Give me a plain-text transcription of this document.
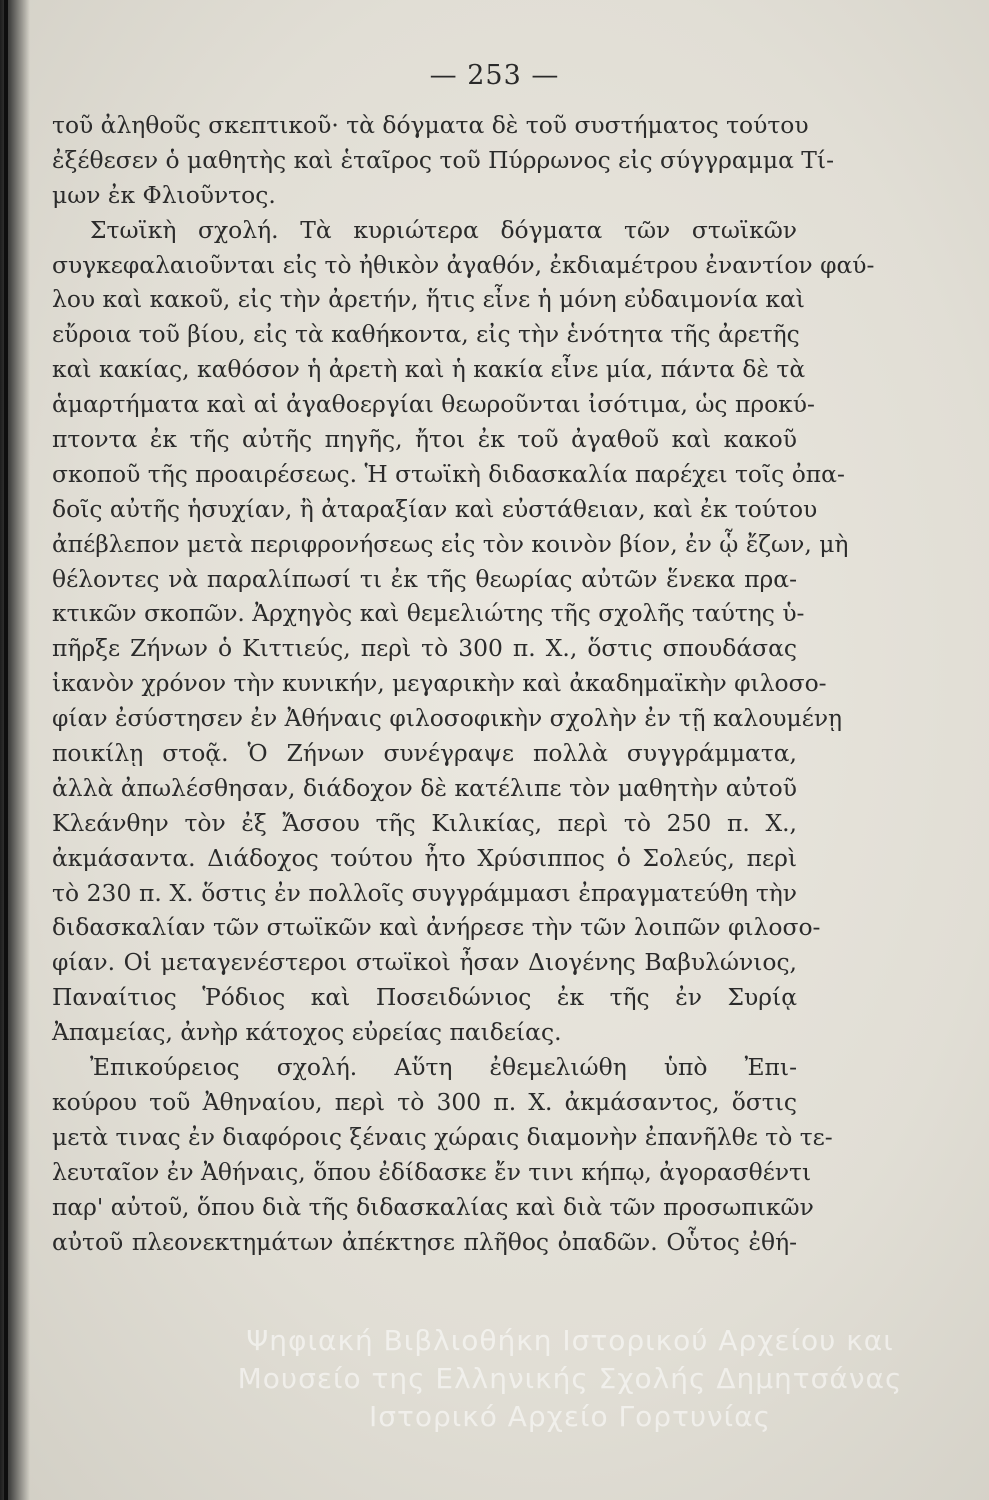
— 253 —
τοῦ ἀληθοῦς σκεπτικοῦ· τὰ δόγματα δὲ τοῦ συστήματος τούτου
ἐξέθεσεν ὁ μαθητὴς καὶ ἑταῖρος τοῦ Πύρρωνος εἰς σύγγραμμα Τί-
μων ἐκ Φλιοῦντος.
Στωϊκὴ σχολή. Τὰ κυριώτερα δόγματα τῶν στωϊκῶν
συγκεφαλαιοῦνται εἰς τὸ ἠθικὸν ἀγαθόν, ἐκδιαμέτρου ἐναντίον φαύ-
λου καὶ κακοῦ, εἰς τὴν ἀρετήν, ἥτις εἶνε ἡ μόνη εὐδαιμονία καὶ
εὔροια τοῦ βίου, εἰς τὰ καθήκοντα, εἰς τὴν ἑνότητα τῆς ἀρετῆς
καὶ κακίας, καθόσον ἡ ἀρετὴ καὶ ἡ κακία εἶνε μία, πάντα δὲ τὰ
ἁμαρτήματα καὶ αἱ ἀγαθοεργίαι θεωροῦνται ἰσότιμα, ὡς προκύ-
πτοντα ἐκ τῆς αὐτῆς πηγῆς, ἤτοι ἐκ τοῦ ἀγαθοῦ καὶ κακοῦ
σκοποῦ τῆς προαιρέσεως. Ἡ στωϊκὴ διδασκαλία παρέχει τοῖς ὀπα-
δοῖς αὐτῆς ἡσυχίαν, ἢ ἀταραξίαν καὶ εὐστάθειαν, καὶ ἐκ τούτου
ἀπέβλεπον μετὰ περιφρονήσεως εἰς τὸν κοινὸν βίον, ἐν ᾧ ἔζων, μὴ
θέλοντες νὰ παραλίπωσί τι ἐκ τῆς θεωρίας αὐτῶν ἕνεκα πρα-
κτικῶν σκοπῶν. Ἀρχηγὸς καὶ θεμελιώτης τῆς σχολῆς ταύτης ὑ-
πῆρξε Ζήνων ὁ Κιττιεύς, περὶ τὸ 300 π. Χ., ὅστις σπουδάσας
ἱκανὸν χρόνον τὴν κυνικήν, μεγαρικὴν καὶ ἀκαδημαϊκὴν φιλοσο-
φίαν ἐσύστησεν ἐν Ἀθήναις φιλοσοφικὴν σχολὴν ἐν τῇ καλουμένῃ
ποικίλῃ στοᾷ. Ὁ Ζήνων συνέγραψε πολλὰ συγγράμματα,
ἀλλὰ ἀπωλέσθησαν, διάδοχον δὲ κατέλιπε τὸν μαθητὴν αὐτοῦ
Κλεάνθην τὸν ἐξ Ἄσσου τῆς Κιλικίας, περὶ τὸ 250 π. Χ.,
ἀκμάσαντα. Διάδοχος τούτου ἦτο Χρύσιππος ὁ Σολεύς, περὶ
τὸ 230 π. Χ. ὅστις ἐν πολλοῖς συγγράμμασι ἐπραγματεύθη τὴν
διδασκαλίαν τῶν στωϊκῶν καὶ ἀνήρεσε τὴν τῶν λοιπῶν φιλοσο-
φίαν. Οἱ μεταγενέστεροι στωϊκοὶ ἦσαν Διογένης Βαβυλώνιος,
Παναίτιος Ῥόδιος καὶ Ποσειδώνιος ἐκ τῆς ἐν Συρίᾳ
Ἀπαμείας, ἀνὴρ κάτοχος εὐρείας παιδείας.
Ἐπικούρειος σχολή. Αὕτη ἐθεμελιώθη ὑπὸ Ἐπι-
κούρου τοῦ Ἀθηναίου, περὶ τὸ 300 π. Χ. ἀκμάσαντος, ὅστις
μετὰ τινας ἐν διαφόροις ξέναις χώραις διαμονὴν ἐπανῆλθε τὸ τε-
λευταῖον ἐν Ἀθήναις, ὅπου ἐδίδασκε ἔν τινι κήπῳ, ἀγορασθέντι
παρ' αὐτοῦ, ὅπου διὰ τῆς διδασκαλίας καὶ διὰ τῶν προσωπικῶν
αὐτοῦ πλεονεκτημάτων ἀπέκτησε πλῆθος ὀπαδῶν. Οὗτος ἐθή-
Ψηφιακή Βιβλιοθήκη Ιστορικού Αρχείου και
Μουσείο της Ελληνικής Σχολής Δημητσάνας
Ιστορικό Αρχείο Γορτυνίας
